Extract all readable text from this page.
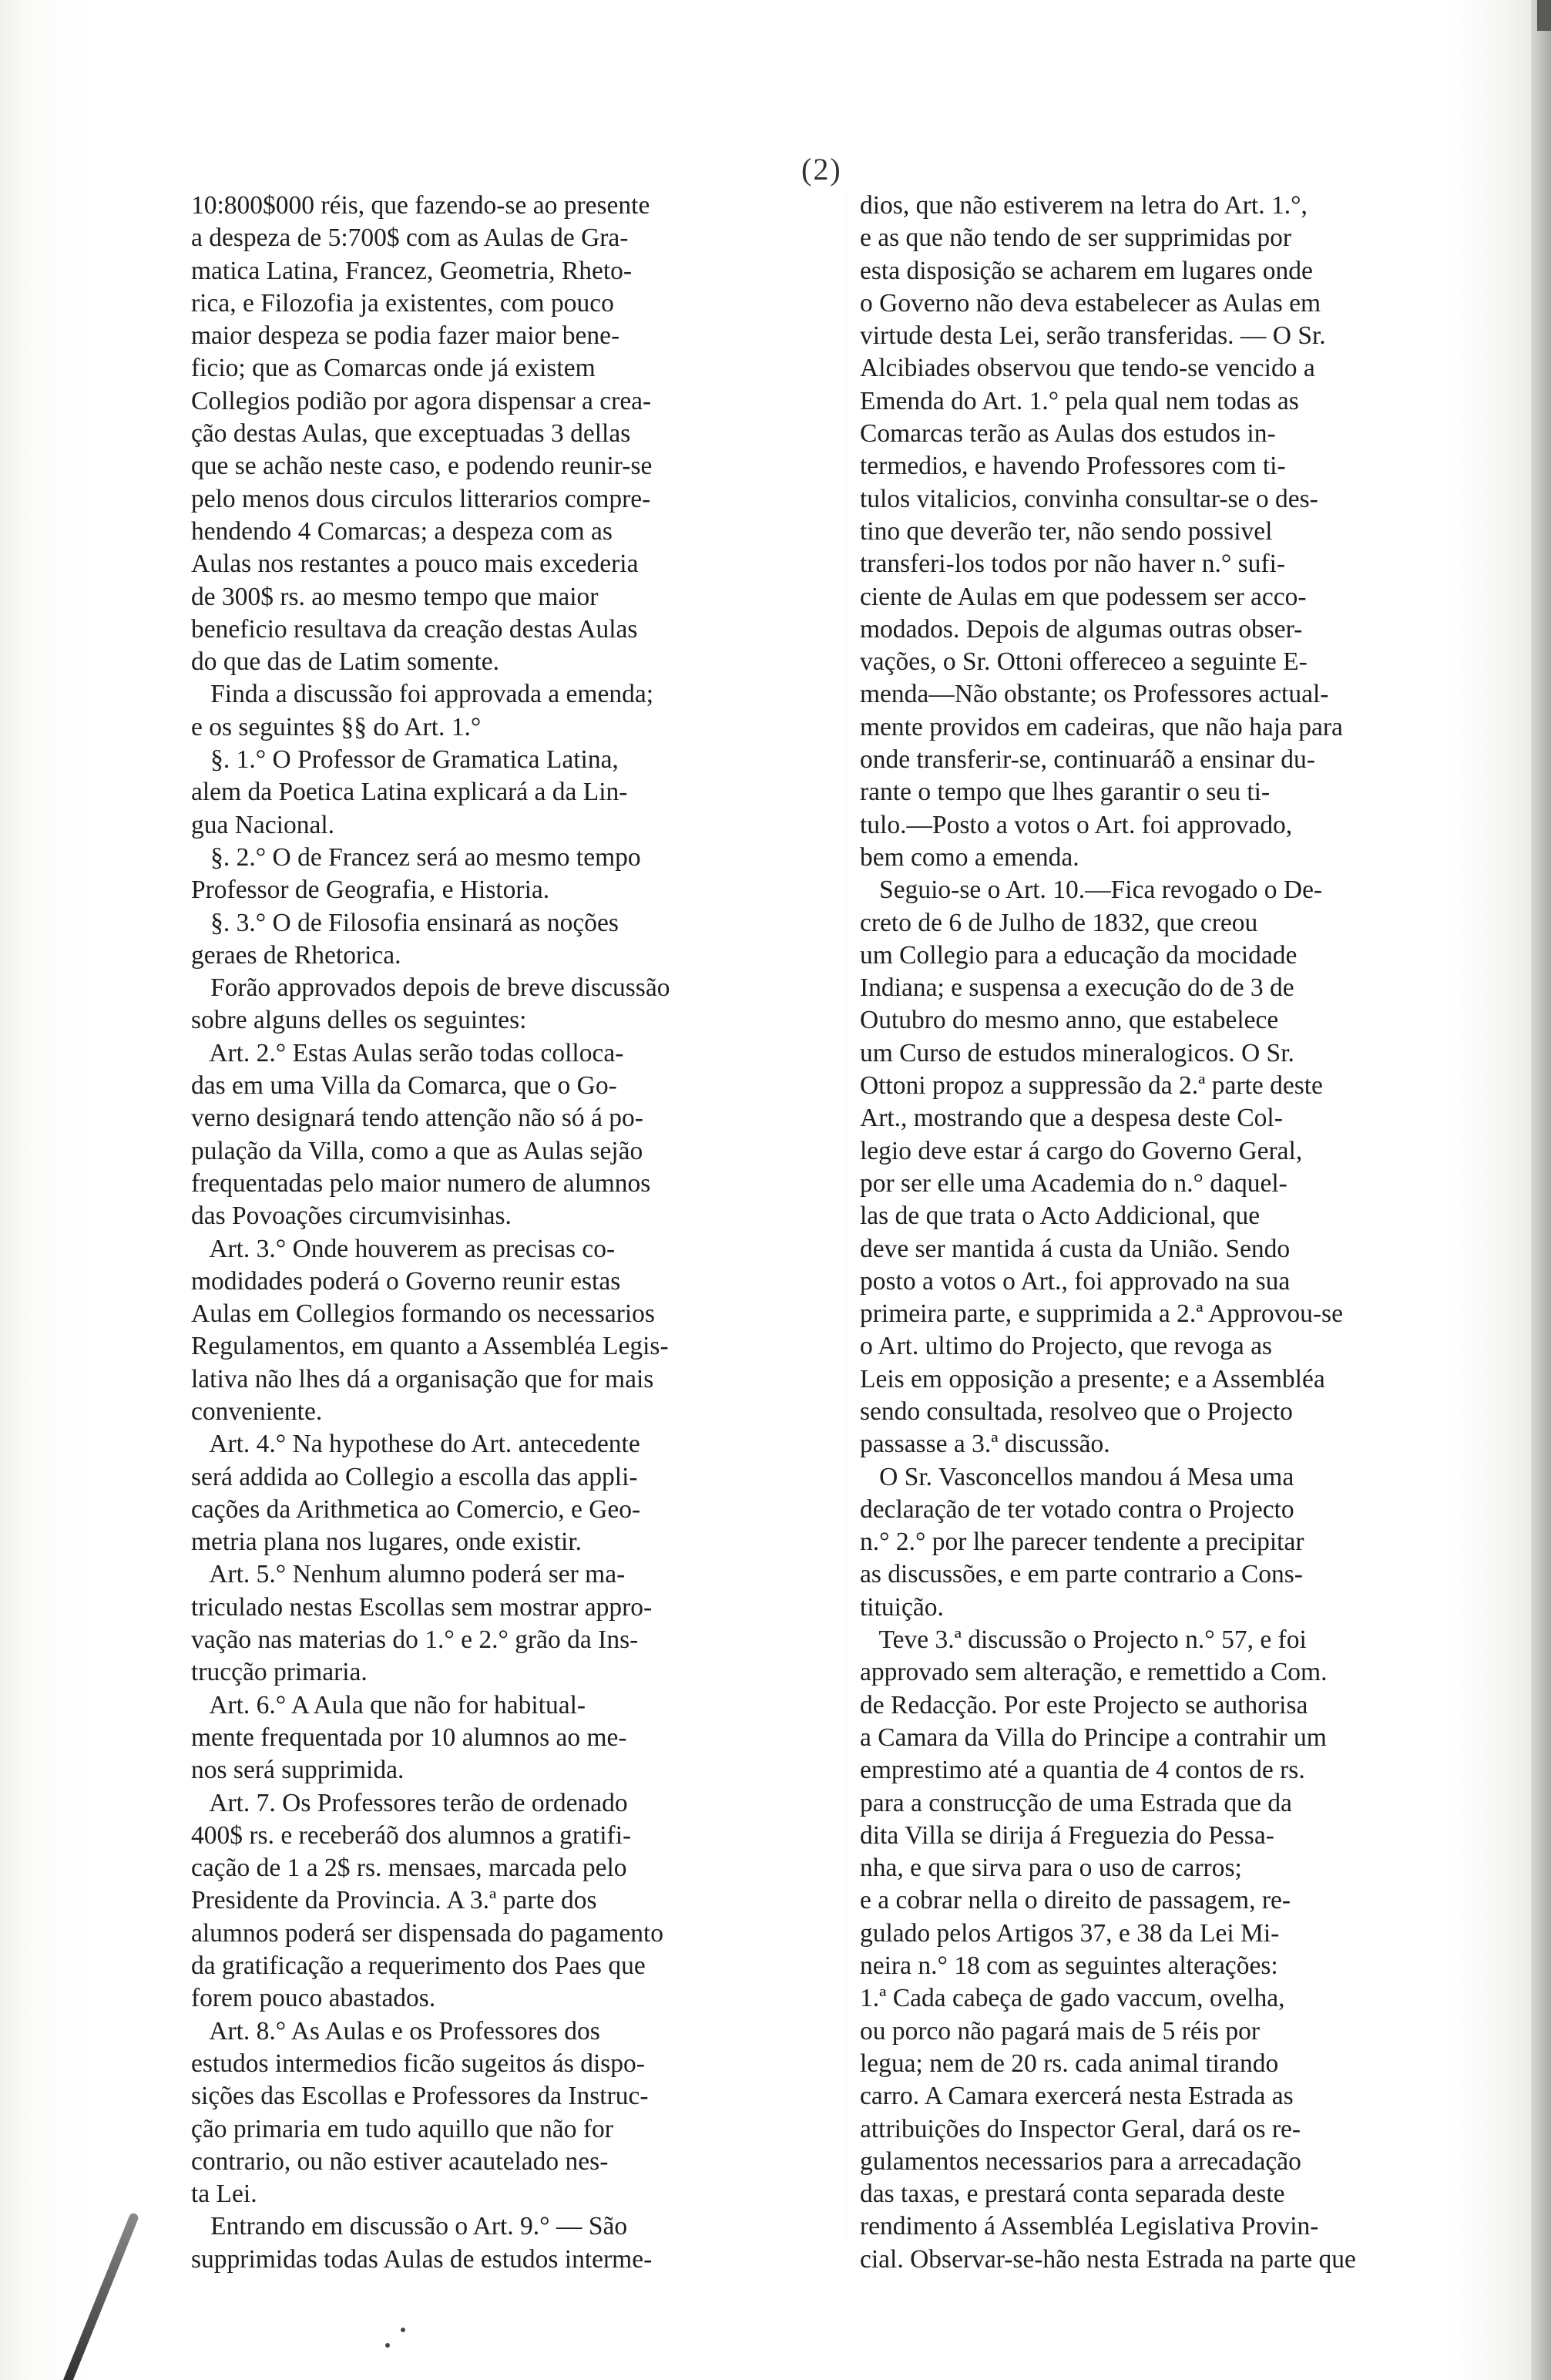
(2)
10:800$000 réis, que fazendo-se ao presente
a despeza de 5:700$ com as Aulas de Gra-
matica Latina, Francez, Geometria, Rheto-
rica, e Filozofia ja existentes, com pouco
maior despeza se podia fazer maior bene-
ficio; que as Comarcas onde já existem
Collegios podião por agora dispensar a crea-
ção destas Aulas, que exceptuadas 3 dellas
que se achão neste caso, e podendo reunir-se
pelo menos dous circulos litterarios compre-
hendendo 4 Comarcas; a despeza com as
Aulas nos restantes a pouco mais excederia
de 300$ rs. ao mesmo tempo que maior
beneficio resultava da creação destas Aulas
do que das de Latim somente.
Finda a discussão foi approvada a emenda;
e os seguintes §§ do Art. 1.°
§. 1.° O Professor de Gramatica Latina,
alem da Poetica Latina explicará a da Lin-
gua Nacional.
§. 2.° O de Francez será ao mesmo tempo
Professor de Geografia, e Historia.
§. 3.° O de Filosofia ensinará as noções
geraes de Rhetorica.
Forão approvados depois de breve discussão
sobre alguns delles os seguintes:
Art. 2.° Estas Aulas serão todas colloca-
das em uma Villa da Comarca, que o Go-
verno designará tendo attenção não só á po-
pulação da Villa, como a que as Aulas sejão
frequentadas pelo maior numero de alumnos
das Povoações circumvisinhas.
Art. 3.° Onde houverem as precisas co-
modidades poderá o Governo reunir estas
Aulas em Collegios formando os necessarios
Regulamentos, em quanto a Assembléa Legis-
lativa não lhes dá a organisação que for mais
conveniente.
Art. 4.° Na hypothese do Art. antecedente
será addida ao Collegio a escolla das appli-
cações da Arithmetica ao Comercio, e Geo-
metria plana nos lugares, onde existir.
Art. 5.° Nenhum alumno poderá ser ma-
triculado nestas Escollas sem mostrar appro-
vação nas materias do 1.° e 2.° grão da Ins-
trucção primaria.
Art. 6.° A Aula que não for habitual-
mente frequentada por 10 alumnos ao me-
nos será supprimida.
Art. 7. Os Professores terão de ordenado
400$ rs. e receberáõ dos alumnos a gratifi-
cação de 1 a 2$ rs. mensaes, marcada pelo
Presidente da Provincia. A 3.ª parte dos
alumnos poderá ser dispensada do pagamento
da gratificação a requerimento dos Paes que
forem pouco abastados.
Art. 8.° As Aulas e os Professores dos
estudos intermedios ficão sugeitos ás dispo-
sições das Escollas e Professores da Instruc-
ção primaria em tudo aquillo que não for
contrario, ou não estiver acautelado nes-
ta Lei.
Entrando em discussão o Art. 9.° — São
supprimidas todas Aulas de estudos interme-
dios, que não estiverem na letra do Art. 1.°,
e as que não tendo de ser supprimidas por
esta disposição se acharem em lugares onde
o Governo não deva estabelecer as Aulas em
virtude desta Lei, serão transferidas. — O Sr.
Alcibiades observou que tendo-se vencido a
Emenda do Art. 1.° pela qual nem todas as
Comarcas terão as Aulas dos estudos in-
termedios, e havendo Professores com ti-
tulos vitalicios, convinha consultar-se o des-
tino que deverão ter, não sendo possivel
transferi-los todos por não haver n.° sufi-
ciente de Aulas em que podessem ser acco-
modados. Depois de algumas outras obser-
vações, o Sr. Ottoni offereceo a seguinte E-
menda—Não obstante; os Professores actual-
mente providos em cadeiras, que não haja para
onde transferir-se, continuaráõ a ensinar du-
rante o tempo que lhes garantir o seu ti-
tulo.—Posto a votos o Art. foi approvado,
bem como a emenda.
Seguio-se o Art. 10.—Fica revogado o De-
creto de 6 de Julho de 1832, que creou
um Collegio para a educação da mocidade
Indiana; e suspensa a execução do de 3 de
Outubro do mesmo anno, que estabelece
um Curso de estudos mineralogicos. O Sr.
Ottoni propoz a suppressão da 2.ª parte deste
Art., mostrando que a despesa deste Col-
legio deve estar á cargo do Governo Geral,
por ser elle uma Academia do n.° daquel-
las de que trata o Acto Addicional, que
deve ser mantida á custa da União. Sendo
posto a votos o Art., foi approvado na sua
primeira parte, e supprimida a 2.ª Approvou-se
o Art. ultimo do Projecto, que revoga as
Leis em opposição a presente; e a Assembléa
sendo consultada, resolveo que o Projecto
passasse a 3.ª discussão.
O Sr. Vasconcellos mandou á Mesa uma
declaração de ter votado contra o Projecto
n.° 2.° por lhe parecer tendente a precipitar
as discussões, e em parte contrario a Cons-
tituição.
Teve 3.ª discussão o Projecto n.° 57, e foi
approvado sem alteração, e remettido a Com.
de Redacção. Por este Projecto se authorisa
a Camara da Villa do Principe a contrahir um
emprestimo até a quantia de 4 contos de rs.
para a construcção de uma Estrada que da
dita Villa se dirija á Freguezia do Pessa-
nha, e que sirva para o uso de carros;
e a cobrar nella o direito de passagem, re-
gulado pelos Artigos 37, e 38 da Lei Mi-
neira n.° 18 com as seguintes alterações:
1.ª Cada cabeça de gado vaccum, ovelha,
ou porco não pagará mais de 5 réis por
legua; nem de 20 rs. cada animal tirando
carro. A Camara exercerá nesta Estrada as
attribuições do Inspector Geral, dará os re-
gulamentos necessarios para a arrecadação
das taxas, e prestará conta separada deste
rendimento á Assembléa Legislativa Provin-
cial. Observar-se-hão nesta Estrada na parte que
